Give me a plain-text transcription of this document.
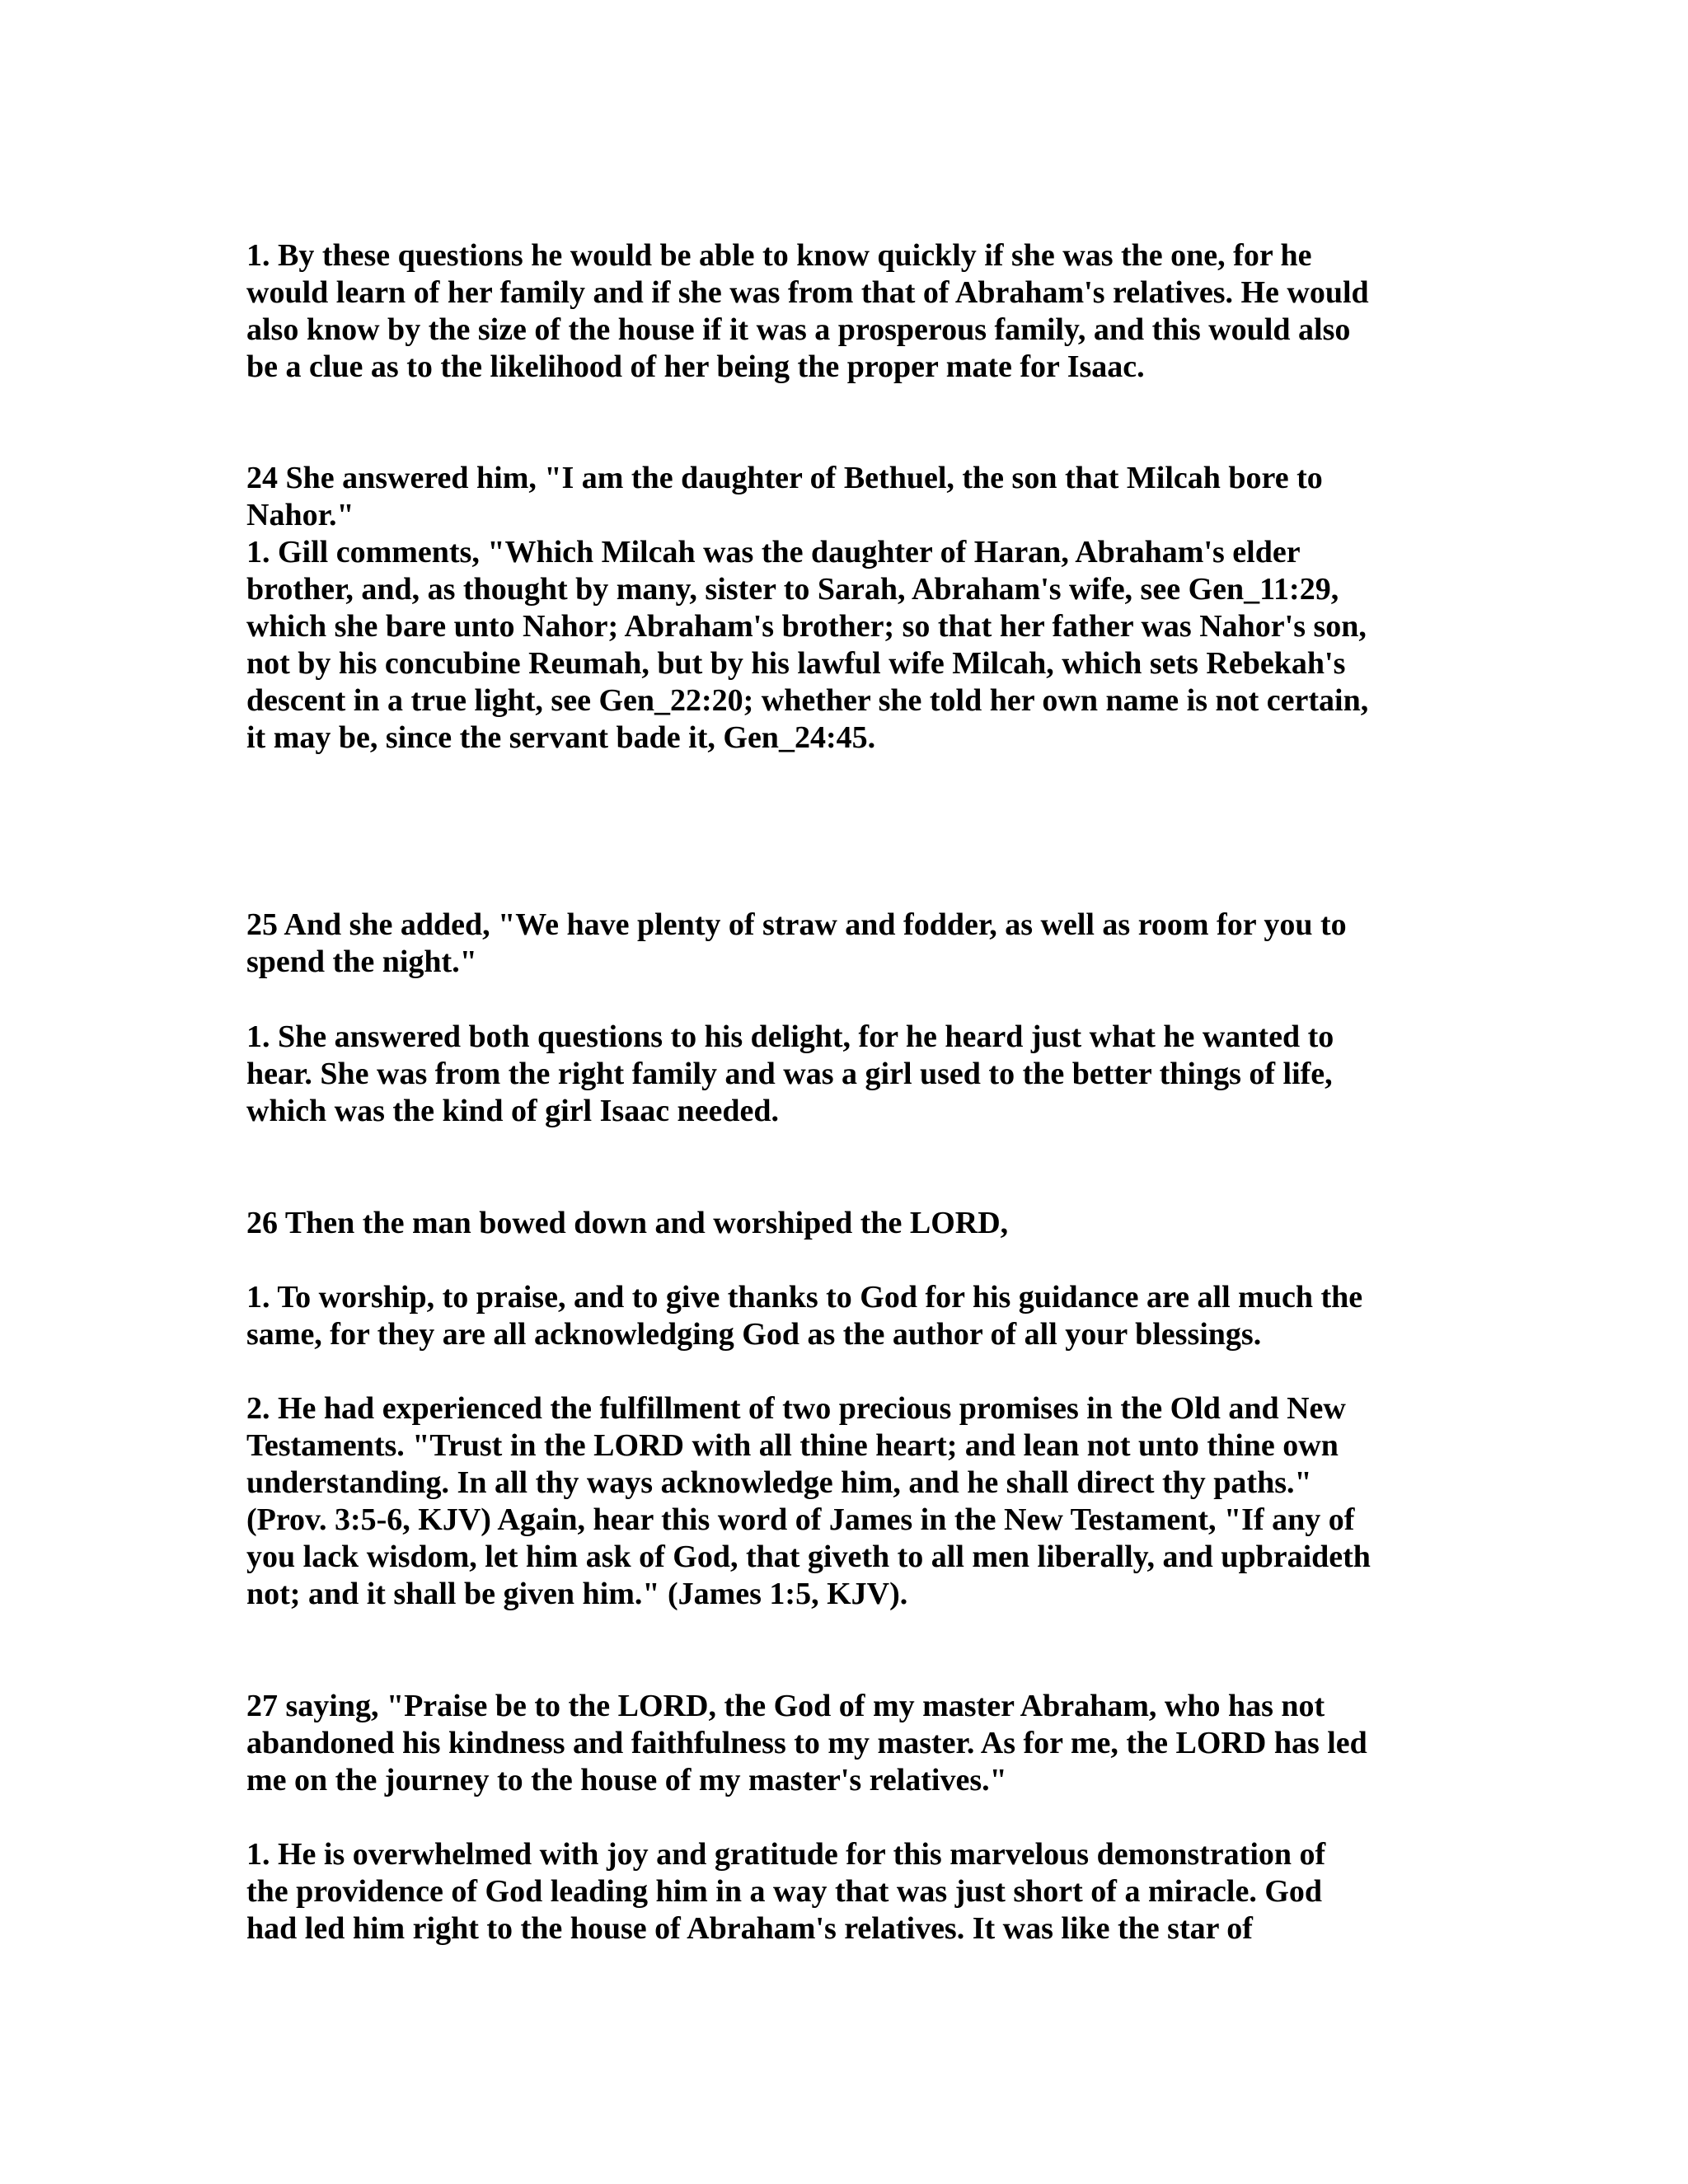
1. By these questions he would be able to know quickly if she was the one, for he
would learn of her family and if she was from that of Abraham's relatives. He would
also know by the size of the house if it was a prosperous family, and this would also
be a clue as to the likelihood of her being the proper mate for Isaac.
24 She answered him, "I am the daughter of Bethuel, the son that Milcah bore to
Nahor."
1. Gill comments, "Which Milcah was the daughter of Haran, Abraham's elder
brother, and, as thought by many, sister to Sarah, Abraham's wife, see Gen_11:29,
which she bare unto Nahor; Abraham's brother; so that her father was Nahor's son,
not by his concubine Reumah, but by his lawful wife Milcah, which sets Rebekah's
descent in a true light, see Gen_22:20; whether she told her own name is not certain,
it may be, since the servant bade it, Gen_24:45.
25 And she added, "We have plenty of straw and fodder, as well as room for you to
spend the night."
1. She answered both questions to his delight, for he heard just what he wanted to
hear. She was from the right family and was a girl used to the better things of life,
which was the kind of girl Isaac needed.
26 Then the man bowed down and worshiped the LORD,
1. To worship, to praise, and to give thanks to God for his guidance are all much the
same, for they are all acknowledging God as the author of all your blessings.
2. He had experienced the fulfillment of two precious promises in the Old and New
Testaments. "Trust in the LORD with all thine heart; and lean not unto thine own
understanding. In all thy ways acknowledge him, and he shall direct thy paths."
(Prov. 3:5-6, KJV) Again, hear this word of James in the New Testament, "If any of
you lack wisdom, let him ask of God, that giveth to all men liberally, and upbraideth
not; and it shall be given him." (James 1:5, KJV).
27 saying, "Praise be to the LORD, the God of my master Abraham, who has not
abandoned his kindness and faithfulness to my master. As for me, the LORD has led
me on the journey to the house of my master's relatives."
1. He is overwhelmed with joy and gratitude for this marvelous demonstration of
the providence of God leading him in a way that was just short of a miracle. God
had led him right to the house of Abraham's relatives. It was like the star of
